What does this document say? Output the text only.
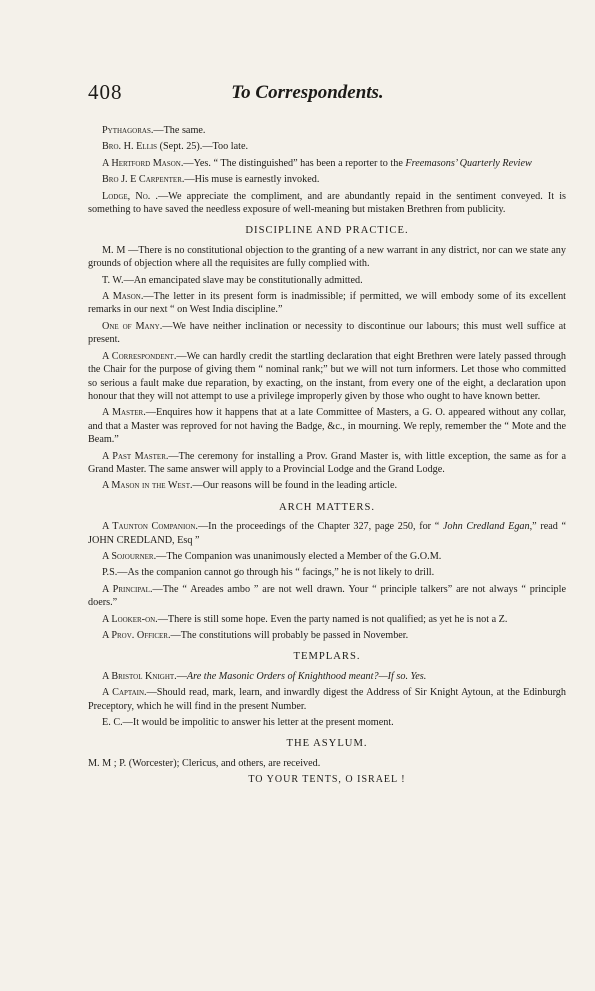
408	To Correspondents.

Pythagoras.—The same.

Bro. H. Ellis (Sept. 25).—Too late.

A Hertford Mason.—Yes. “ The distinguished” has been a reporter to the Freemasons’ Quarterly Review

Bro J. E Carpenter.—His muse is earnestly invoked.

Lodge, No. .—We appreciate the compliment, and are abundantly repaid in the sentiment conveyed. It is something to have saved the needless exposure of well-meaning but mistaken Brethren from publicity.

DISCIPLINE AND PRACTICE.

M. M —There is no constitutional objection to the granting of a new warrant in any district, nor can we state any grounds of objection where all the requisites are fully complied with.

T. W.—An emancipated slave may be constitutionally admitted.

A Mason.—The letter in its present form is inadmissible; if permitted, we will embody some of its excellent remarks in our next “ on West India discipline.”

One of Many.—We have neither inclination or necessity to discontinue our labours; this must well suffice at present.

A Correspondent.—We can hardly credit the startling declaration that eight Brethren were lately passed through the Chair for the purpose of giving them “ nominal rank;” but we will not turn informers. Let those who committed so serious a fault make due reparation, by exacting, on the instant, from every one of the eight, a declaration upon honour that they will not attempt to use a privilege improperly given by those who ought to have known better.

A Master.—Enquires how it happens that at a late Committee of Masters, a G. O. appeared without any collar, and that a Master was reproved for not having the Badge, &c., in mourning. We reply, remember the “ Mote and the Beam.”

A Past Master.—The ceremony for installing a Prov. Grand Master is, with little exception, the same as for a Grand Master. The same answer will apply to a Provincial Lodge and the Grand Lodge.

A Mason in the West.—Our reasons will be found in the leading article.

ARCH MATTERS.

A Taunton Companion.—In the proceedings of the Chapter 327, page 250, for “ John Credland Egan,” read “ JOHN CREDLAND, Esq ”

A Sojourner.—The Companion was unanimously elected a Member of the G.O.M.

P.S.—As the companion cannot go through his “ facings,” he is not likely to drill.

A Principal.—The “ Areades ambo ” are not well drawn. Your “ principle talkers” are not always “ principle doers.”

A Looker-on.—There is still some hope. Even the party named is not qualified; as yet he is not a Z.

A Prov. Officer.—The constitutions will probably be passed in November.

TEMPLARS.

A Bristol Knight.—Are the Masonic Orders of Knighthood meant?—If so. Yes.

A Captain.—Should read, mark, learn, and inwardly digest the Address of Sir Knight Aytoun, at the Edinburgh Preceptory, which he will find in the present Number.

E. C.—It would be impolitic to answer his letter at the present moment.

THE ASYLUM.

M. M ; P. (Worcester); Clericus, and others, are received.

TO YOUR TENTS, O ISRAEL !
